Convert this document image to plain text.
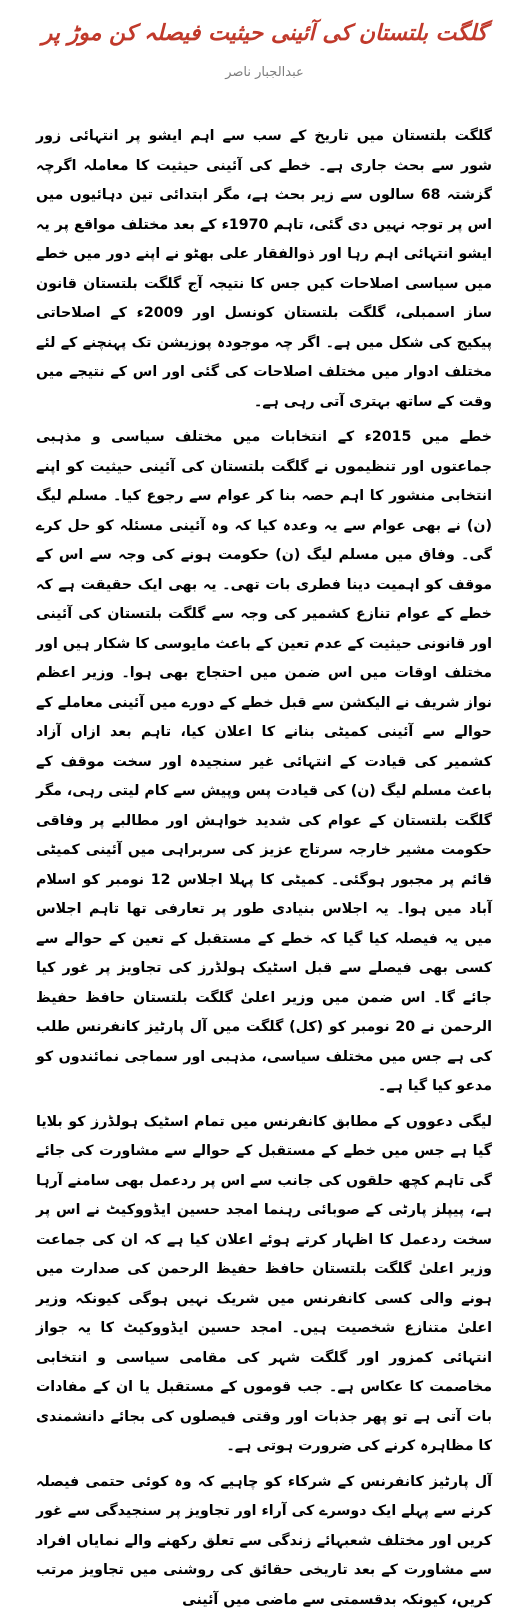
گلگت بلتستان کی آئینی حیثیت فیصلہ کن موڑ پر
عبدالجبار ناصر

گلگت بلتستان میں تاریخ کے سب سے اہم ایشو پر انتہائی زور شور سے بحث جاری ہے۔ خطے کی آئینی حیثیت کا معاملہ اگرچہ گزشتہ 68 سالوں سے زیر بحث ہے، مگر ابتدائی تین دہائیوں میں اس پر توجہ نہیں دی گئی، تاہم 1970ء کے بعد مختلف مواقع پر یہ ایشو انتہائی اہم رہا اور ذوالفقار علی بھٹو نے اپنے دور میں خطے میں سیاسی اصلاحات کیں جس کا نتیجہ آج گلگت بلتستان قانون ساز اسمبلی، گلگت بلتستان کونسل اور 2009ء کے اصلاحاتی پیکیج کی شکل میں ہے۔ اگر چہ موجودہ پوزیشن تک پہنچنے کے لئے مختلف ادوار میں مختلف اصلاحات کی گئی اور اس کے نتیجے میں وقت کے ساتھ بہتری آتی رہی ہے۔

خطے میں 2015ء کے انتخابات میں مختلف سیاسی و مذہبی جماعتوں اور تنظیموں نے گلگت بلتستان کی آئینی حیثیت کو اپنے انتخابی منشور کا اہم حصہ بنا کر عوام سے رجوع کیا۔ مسلم لیگ (ن) نے بھی عوام سے یہ وعدہ کیا کہ وہ آئینی مسئلہ کو حل کرے گی۔ وفاق میں مسلم لیگ (ن) حکومت ہونے کی وجہ سے اس کے موقف کو اہمیت دینا فطری بات تھی۔ یہ بھی ایک حقیقت ہے کہ خطے کے عوام تنازع کشمیر کی وجہ سے گلگت بلتستان کی آئینی اور قانونی حیثیت کے عدم تعین کے باعث مایوسی کا شکار ہیں اور مختلف اوقات میں اس ضمن میں احتجاج بھی ہوا۔ وزیر اعظم نواز شریف نے الیکشن سے قبل خطے کے دورے میں آئینی معاملے کے حوالے سے آئینی کمیٹی بنانے کا اعلان کیا، تاہم بعد ازاں آزاد کشمیر کی قیادت کے انتہائی غیر سنجیدہ اور سخت موقف کے باعث مسلم لیگ (ن) کی قیادت پس وپیش سے کام لیتی رہی، مگر گلگت بلتستان کے عوام کی شدید خواہش اور مطالبے پر وفاقی حکومت مشیر خارجہ سرتاج عزیز کی سربراہی میں آئینی کمیٹی قائم پر مجبور ہوگئی۔ کمیٹی کا پہلا اجلاس 12 نومبر کو اسلام آباد میں ہوا۔ یہ اجلاس بنیادی طور پر تعارفی تھا تاہم اجلاس میں یہ فیصلہ کیا گیا کہ خطے کے مستقبل کے تعین کے حوالے سے کسی بھی فیصلے سے قبل اسٹیک ہولڈرز کی تجاویز پر غور کیا جائے گا۔ اس ضمن میں وزیر اعلیٰ گلگت بلتستان حافظ حفیظ الرحمن نے 20 نومبر کو (کل) گلگت میں آل پارٹیز کانفرنس طلب کی ہے جس میں مختلف سیاسی، مذہبی اور سماجی نمائندوں کو مدعو کیا گیا ہے۔

لیگی دعووں کے مطابق کانفرنس میں تمام اسٹیک ہولڈرز کو بلایا گیا ہے جس میں خطے کے مستقبل کے حوالے سے مشاورت کی جائے گی تاہم کچھ حلقوں کی جانب سے اس پر ردعمل بھی سامنے آرہا ہے، پیپلز پارٹی کے صوبائی رہنما امجد حسین ایڈووکیٹ نے اس پر سخت ردعمل کا اظہار کرتے ہوئے اعلان کیا ہے کہ ان کی جماعت وزیر اعلیٰ گلگت بلتستان حافظ حفیظ الرحمن کی صدارت میں ہونے والی کسی کانفرنس میں شریک نہیں ہوگی کیونکہ وزیر اعلیٰ متنازع شخصیت ہیں۔ امجد حسین ایڈووکیٹ کا یہ جواز انتہائی کمزور اور گلگت شہر کی مقامی سیاسی و انتخابی مخاصمت کا عکاس ہے۔ جب قوموں کے مستقبل یا ان کے مفادات بات آتی ہے تو پھر جذبات اور وقتی فیصلوں کی بجائے دانشمندی کا مظاہرہ کرنے کی ضرورت ہوتی ہے۔

آل پارٹیز کانفرنس کے شرکاء کو چاہیے کہ وہ کوئی حتمی فیصلہ کرنے سے پہلے ایک دوسرے کی آراء اور تجاویز پر سنجیدگی سے غور کریں اور مختلف شعبہائے زندگی سے تعلق رکھنے والے نمایاں افراد سے مشاورت کے بعد تاریخی حقائق کی روشنی میں تجاویز مرتب کریں، کیونکہ بدقسمتی سے ماضی میں آئینی
